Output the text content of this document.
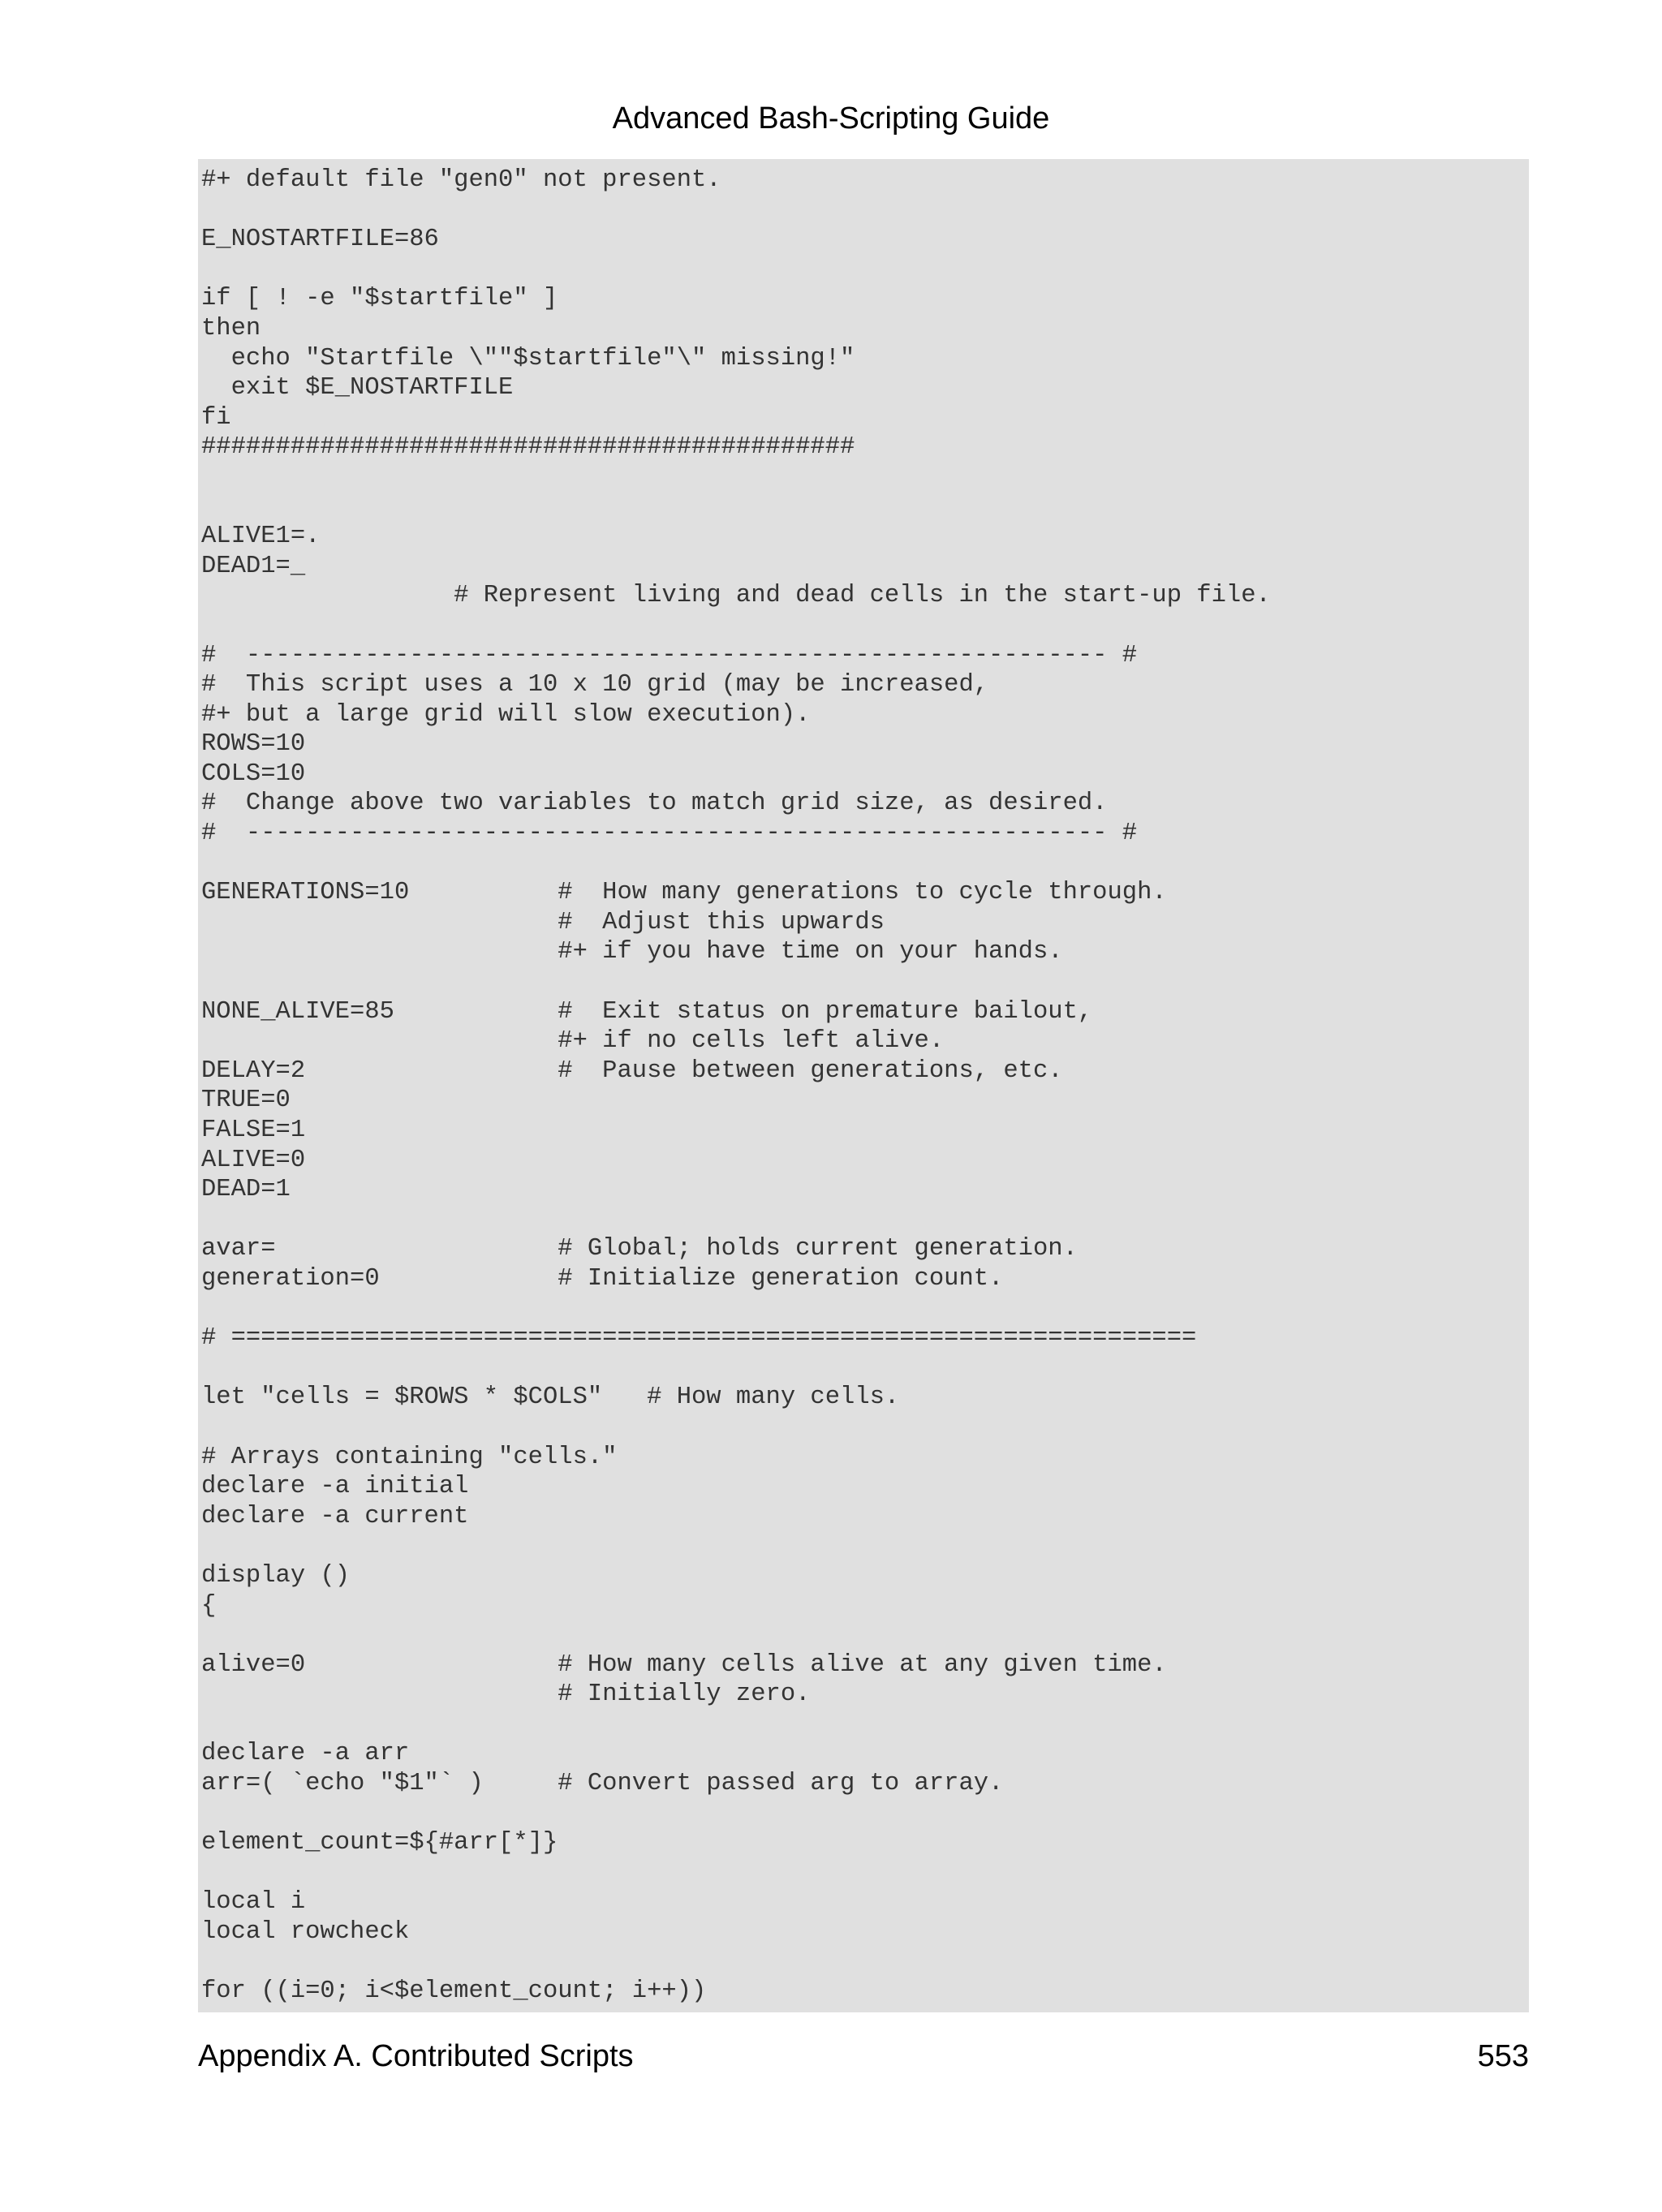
Advanced Bash-Scripting Guide
#+ default file "gen0" not present.
E_NOSTARTFILE=86
if [ ! -e "$startfile" ]
then
echo "Startfile \""$startfile"\" missing!"
exit $E_NOSTARTFILE
fi
############################################
ALIVE1=.
DEAD1=_
# Represent living and dead cells in the start-up file.
#  ---------------------------------------------------------- #
#  This script uses a 10 x 10 grid (may be increased,
#+ but a large grid will slow execution).
ROWS=10
COLS=10
#  Change above two variables to match grid size, as desired.
#  ---------------------------------------------------------- #
GENERATIONS=10          #  How many generations to cycle through.
#  Adjust this upwards
#+ if you have time on your hands.
NONE_ALIVE=85           #  Exit status on premature bailout,
#+ if no cells left alive.
DELAY=2                 #  Pause between generations, etc.
TRUE=0
FALSE=1
ALIVE=0
DEAD=1
avar=                   # Global; holds current generation.
generation=0            # Initialize generation count.
# =================================================================
let "cells = $ROWS * $COLS"   # How many cells.
# Arrays containing "cells."
declare -a initial
declare -a current
display ()
{
alive=0                 # How many cells alive at any given time.
# Initially zero.
declare -a arr
arr=( `echo "$1"` )     # Convert passed arg to array.
element_count=${#arr[*]}
local i
local rowcheck
for ((i=0; i<$element_count; i++))
Appendix A. Contributed Scripts	553
